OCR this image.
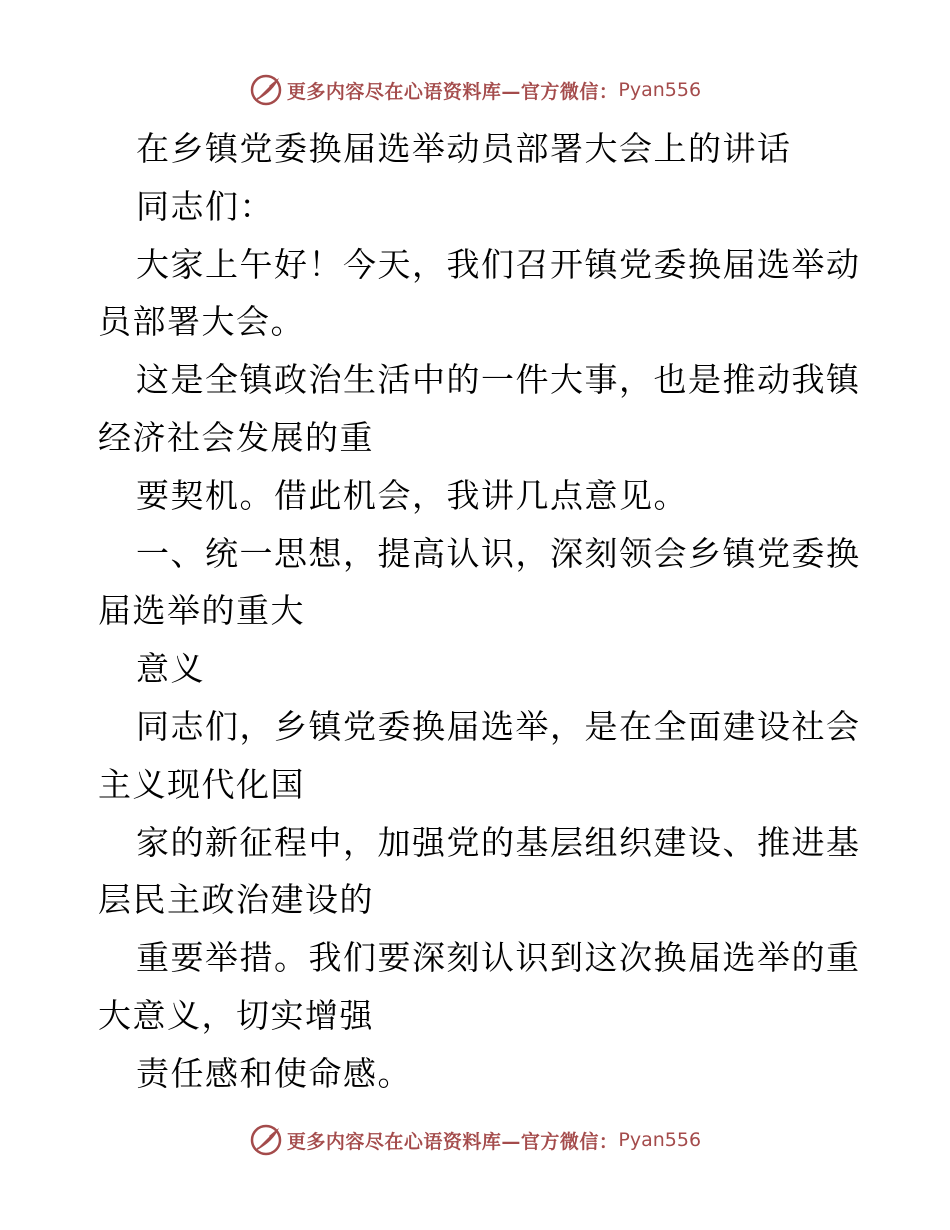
更多内容尽在心语资料库—官方微信： Pyan556
在乡镇党委换届选举动员部署大会上的讲话
同志们：
大家上午好！今天，我们召开镇党委换届选举动
员部署大会。
这是全镇政治生活中的一件大事，也是推动我镇
经济社会发展的重
要契机。借此机会，我讲几点意见。
一、统一思想，提高认识，深刻领会乡镇党委换
届选举的重大
意义
同志们，乡镇党委换届选举，是在全面建设社会
主义现代化国
家的新征程中，加强党的基层组织建设、推进基
层民主政治建设的
重要举措。我们要深刻认识到这次换届选举的重
大意义，切实增强
责任感和使命感。
更多内容尽在心语资料库—官方微信： Pyan556
